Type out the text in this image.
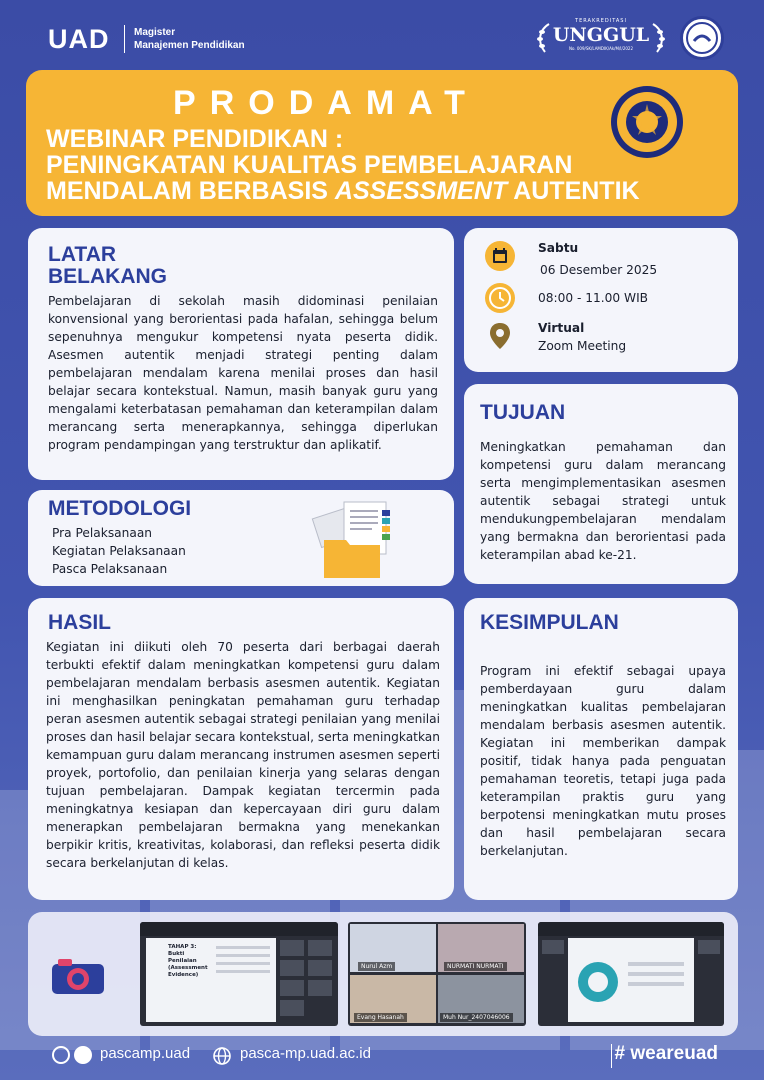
UAD Magister
Manajemen Pendidikan
TERAKREDITASI
UNGGUL
No. 009/SK/LAMDIK/Ak/M/I/2022
PRODAMAT
WEBINAR PENDIDIKAN :
PENINGKATAN KUALITAS PEMBELAJARAN
MENDALAM BERBASIS ASSESSMENT AUTENTIK
LATAR
BELAKANG

Pembelajaran di sekolah masih didominasi penilaian konvensional yang berorientasi pada hafalan, sehingga belum sepenuhnya mengukur kompetensi nyata peserta didik. Asesmen autentik menjadi strategi penting dalam pembelajaran mendalam karena menilai proses dan hasil belajar secara kontekstual. Namun, masih banyak guru yang mengalami keterbatasan pemahaman dan keterampilan dalam merancang serta menerapkannya, sehingga diperlukan program pendampingan yang terstruktur dan aplikatif.

Sabtu
06 Desember 2025
08:00 - 11.00 WIB
Virtual
Zoom Meeting
TUJUAN

Meningkatkan pemahaman dan kompetensi guru dalam merancang serta mengimplementasikan asesmen autentik sebagai strategi untuk mendukungpembelajaran mendalam yang bermakna dan berorientasi pada keterampilan abad ke-21.

METODOLOGI
Pra Pelaksanaan
Kegiatan Pelaksanaan
Pasca Pelaksanaan
HASIL

Kegiatan ini diikuti oleh 70 peserta dari berbagai daerah terbukti efektif dalam meningkatkan kompetensi guru dalam pembelajaran mendalam berbasis asesmen autentik. Kegiatan ini menghasilkan peningkatan pemahaman guru terhadap peran asesmen autentik sebagai strategi penilaian yang menilai proses dan hasil belajar secara kontekstual, serta meningkatkan kemampuan guru dalam merancang instrumen asesmen seperti proyek, portofolio, dan penilaian kinerja yang selaras dengan tujuan pembelajaran. Dampak kegiatan tercermin pada meningkatnya kesiapan dan kepercayaan diri guru dalam menerapkan pembelajaran bermakna yang menekankan berpikir kritis, kreativitas, kolaborasi, dan refleksi peserta didik secara berkelanjutan di kelas.

KESIMPULAN

Program ini efektif sebagai upaya pemberdayaan guru dalam meningkatkan kualitas pembelajaran mendalam berbasis asesmen autentik. Kegiatan ini memberikan dampak positif, tidak hanya pada penguatan pemahaman teoretis, tetapi juga pada keterampilan praktis guru yang berpotensi meningkatkan mutu proses dan hasil pembelajaran secara berkelanjutan.

TAHAP 3: Bukti Penilaian (Assessment Evidence)
Nurul Azm	NURMATI NURMATI
Evang Hasanah	Muh Nur_2407046006
pascamp.uad	pasca-mp.uad.ac.id	# weareuad
